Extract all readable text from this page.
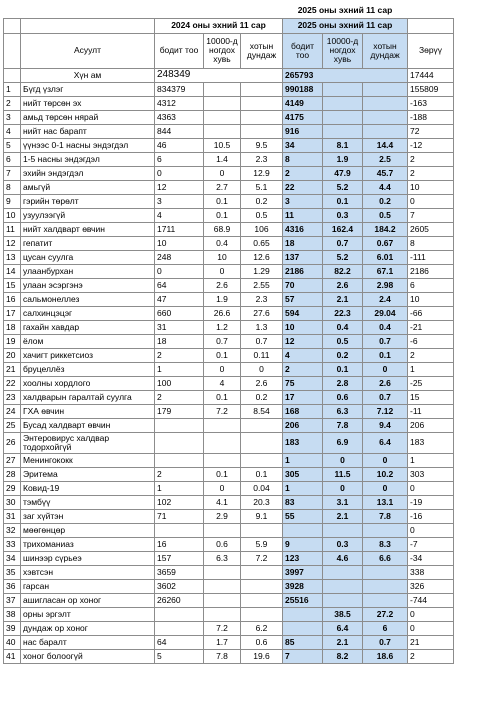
					2025 оны эхний 11 сар			
		2024 оны эхний 11 сар			2025 оны эхний 11 сар			
	Асуулт	бодит тоо	10000-д ногдох хувь	хотын дундаж	бодит тоо	10000-д ногдох хувь	хотын дундаж	Зөрүү
	Хүн ам	248349			265793			17444
1	Бүгд үзлэг	834379			990188			155809
2	нийт төрсөн эх	4312			4149			-163
3	амьд төрсөн нярай	4363			4175			-188
4	нийт нас барапт	844			916			72
5	үүнээс 0-1 насны эндэгдэл	46	10.5	9.5	34	8.1	14.4	-12
6	1-5 насны эндэгдэл	6	1.4	2.3	8	1.9	2.5	2
7	эхийн эндэгдэл	0	0	12.9	2	47.9	45.7	2
8	амьгүй	12	2.7	5.1	22	5.2	4.4	10
9	гэрийн төрөлт	3	0.1	0.2	3	0.1	0.2	0
10	узуулээгүй	4	0.1	0.5	11	0.3	0.5	7
11	нийт халдварт өвчин	1711	68.9	106	4316	162.4	184.2	2605
12	гепатит	10	0.4	0.65	18	0.7	0.67	8
13	цусан суулга	248	10	12.6	137	5.2	6.01	-111
14	улаанбурхан	0	0	1.29	2186	82.2	67.1	2186
15	улаан эсэргэнэ	64	2.6	2.55	70	2.6	2.98	6
16	сальмонеллез	47	1.9	2.3	57	2.1	2.4	10
17	салхинцэцэг	660	26.6	27.6	594	22.3	29.04	-66
18	гахайн хавдар	31	1.2	1.3	10	0.4	0.4	-21
19	ёлом	18	0.7	0.7	12	0.5	0.7	-6
20	хачигт риккетсиоз	2	0.1	0.11	4	0.2	0.1	2
21	бруцеллёз	1	0	0	2	0.1	0	1
22	хоолны хордлого	100	4	2.6	75	2.8	2.6	-25
23	халдварын гаралтай суулга	2	0.1	0.2	17	0.6	0.7	15
24	ГХА өвчин	179	7.2	8.54	168	6.3	7.12	-11
25	Бусад халдварт өвчин				206	7.8	9.4	206
26	Энтеровирус халдвар тодорхойгүй				183	6.9	6.4	183
27	Менингококк				1	0	0	1
28	Эритема	2	0.1	0.1	305	11.5	10.2	303
29	Ковид-19	1	0	0.04	1	0	0	0
30	тэмбүү	102	4.1	20.3	83	3.1	13.1	-19
31	заг хүйтэн	71	2.9	9.1	55	2.1	7.8	-16
32	мөөгөнцөр							0
33	трихоманиаз	16	0.6	5.9	9	0.3	8.3	-7
34	шинээр сүрьеэ	157	6.3	7.2	123	4.6	6.6	-34
35	хэвтсэн	3659			3997			338
36	гарсан	3602			3928			326
37	ашигласан ор хоног	26260			25516			-744
38	орны эргэлт					38.5	27.2	0
39	дундаж ор хоног		7.2	6.2		6.4	6	0
40	нас баралт	64	1.7	0.6	85	2.1	0.7	21
41	хоног болоогүй	5	7.8	19.6	7	8.2	18.6	2
